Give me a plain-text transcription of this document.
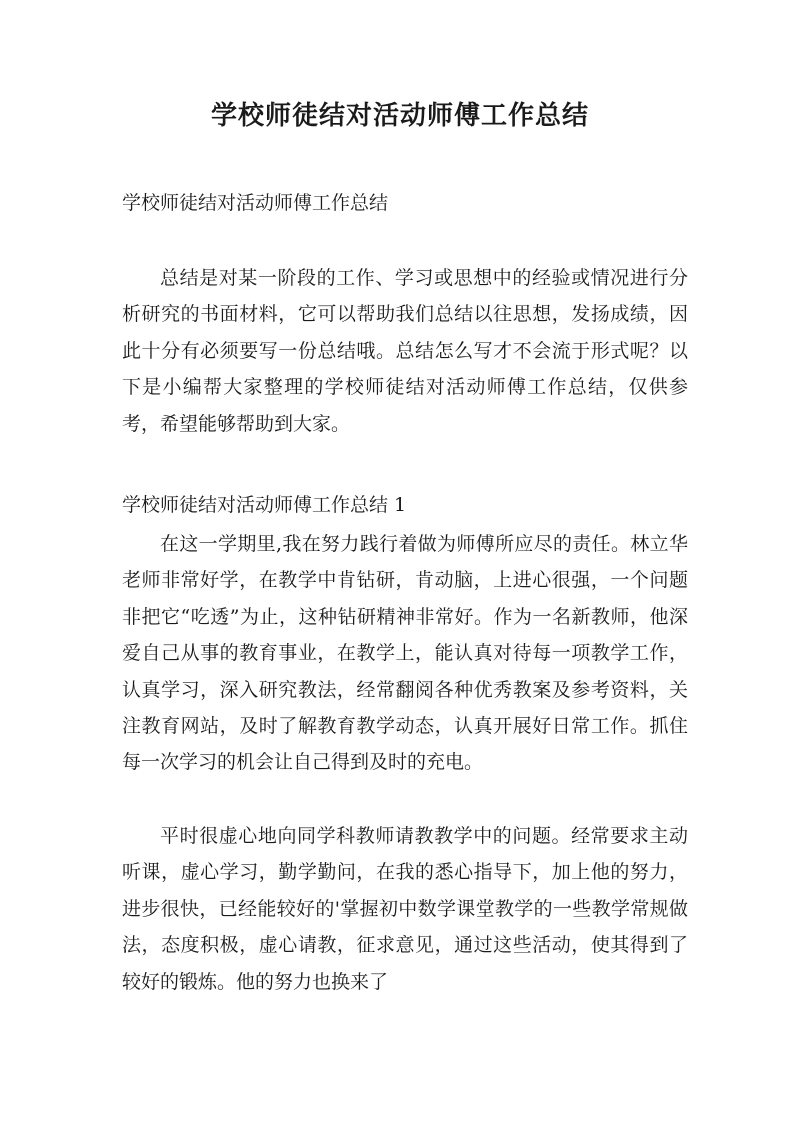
学校师徒结对活动师傅工作总结

学校师徒结对活动师傅工作总结

总结是对某一阶段的工作、学习或思想中的经验或情况进行分析研究的书面材料，它可以帮助我们总结以往思想，发扬成绩，因此十分有必须要写一份总结哦。总结怎么写才不会流于形式呢？以下是小编帮大家整理的学校师徒结对活动师傅工作总结，仅供参考，希望能够帮助到大家。

学校师徒结对活动师傅工作总结 1

在这一学期里,我在努力践行着做为师傅所应尽的责任。林立华老师非常好学，在教学中肯钻研，肯动脑，上进心很强，一个问题非把它“吃透”为止，这种钻研精神非常好。作为一名新教师，他深爱自己从事的教育事业，在教学上，能认真对待每一项教学工作，认真学习，深入研究教法，经常翻阅各种优秀教案及参考资料，关注教育网站，及时了解教育教学动态，认真开展好日常工作。抓住每一次学习的机会让自己得到及时的充电。

平时很虚心地向同学科教师请教教学中的问题。经常要求主动听课，虚心学习，勤学勤问，在我的悉心指导下，加上他的努力，进步很快，已经能较好的'掌握初中数学课堂教学的一些教学常规做法，态度积极，虚心请教，征求意见，通过这些活动，使其得到了较好的锻炼。他的努力也换来了
